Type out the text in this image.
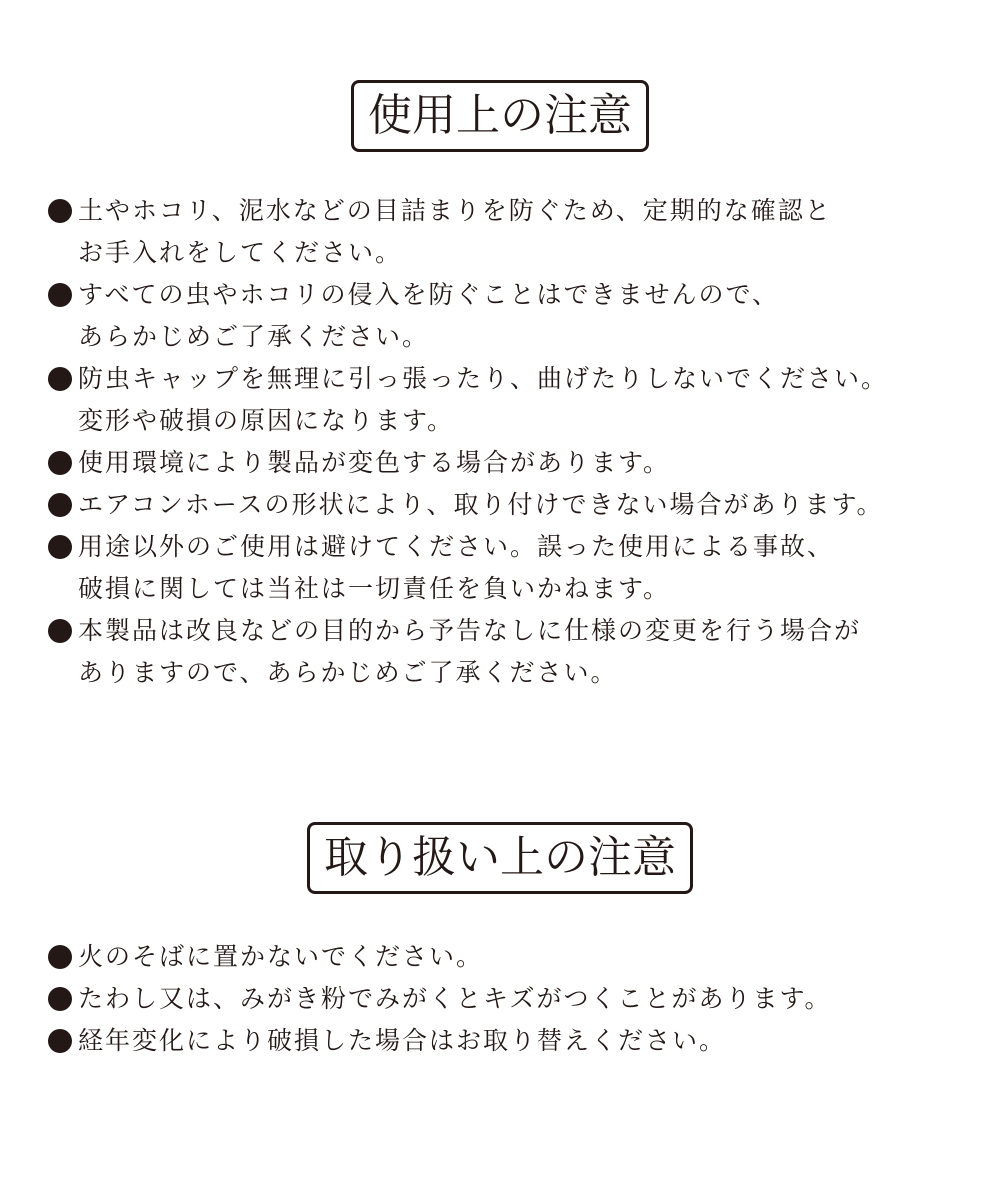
使用上の注意
土やホコリ、泥水などの目詰まりを防ぐため、定期的な確認と
お手入れをしてください。
すべての虫やホコリの侵入を防ぐことはできませんので、
あらかじめご了承ください。
防虫キャップを無理に引っ張ったり、曲げたりしないでください。
変形や破損の原因になります。
使用環境により製品が変色する場合があります。
エアコンホースの形状により、取り付けできない場合があります。
用途以外のご使用は避けてください。誤った使用による事故、
破損に関しては当社は一切責任を負いかねます。
本製品は改良などの目的から予告なしに仕様の変更を行う場合が
ありますので、あらかじめご了承ください。
取り扱い上の注意
火のそばに置かないでください。
たわし又は、みがき粉でみがくとキズがつくことがあります。
経年変化により破損した場合はお取り替えください。
